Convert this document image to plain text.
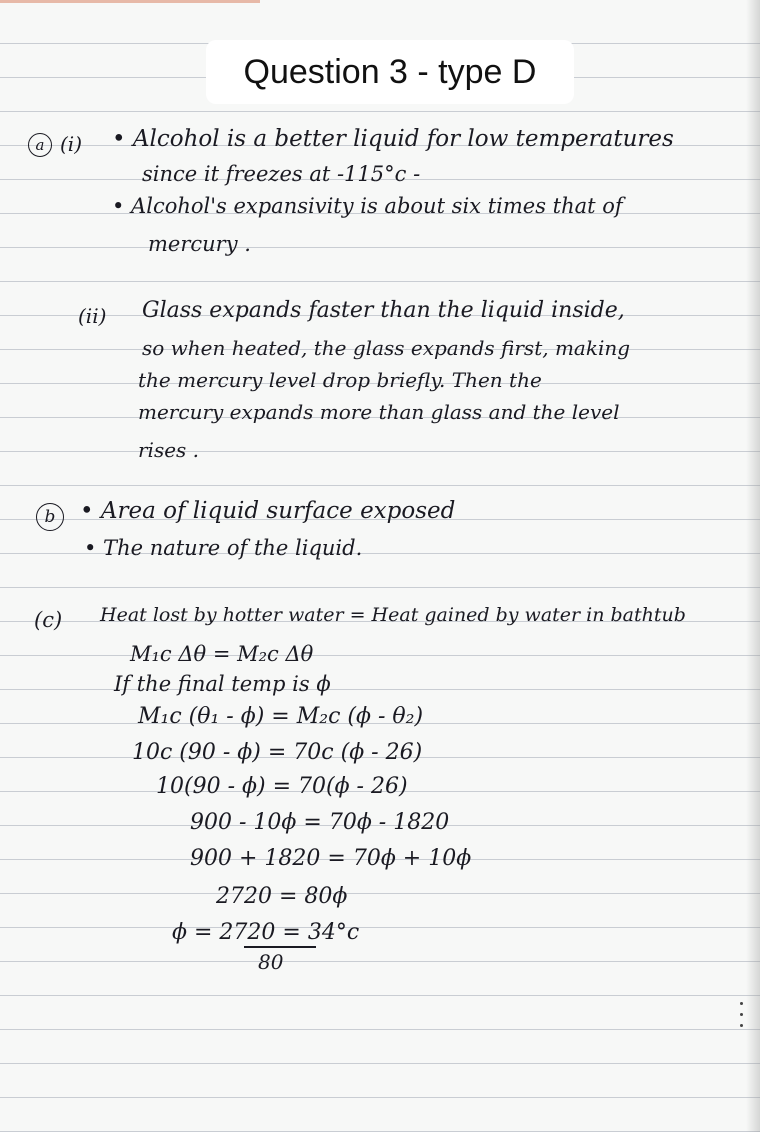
Question 3 - type D
a (i) • Alcohol is a better liquid for low temperatures

since it freezes at -115°c -

• Alcohol's expansivity is about six times that of

mercury .

(ii) Glass expands faster than the liquid inside,

so when heated, the glass expands first, making

the mercury level drop briefly. Then the

mercury expands more than glass and the level

rises .

b • Area of liquid surface exposed

• The nature of the liquid.

(c) Heat lost by hotter water = Heat gained by water in bathtub

M₁c Δθ = M₂c Δθ

If the final temp is ϕ

M₁c (θ₁ - ϕ) = M₂c (ϕ - θ₂)

10c (90 - ϕ) = 70c (ϕ - 26)

10(90 - ϕ) = 70(ϕ - 26)

900 - 10ϕ = 70ϕ - 1820

900 + 1820 = 70ϕ + 10ϕ

2720 = 80ϕ

ϕ = 2720 = 34°c

80
